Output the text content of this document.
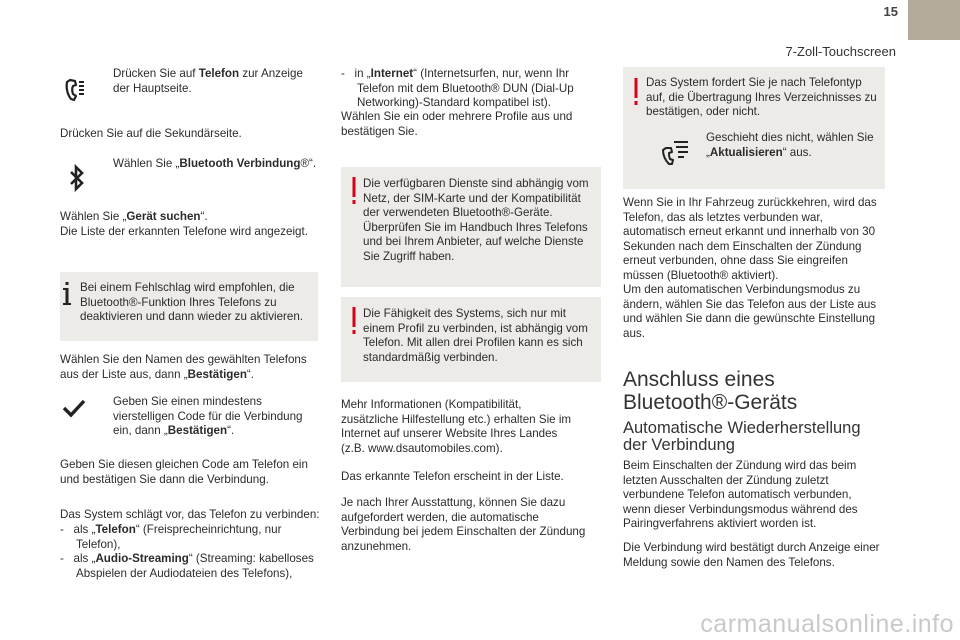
15
7-Zoll-Touchscreen
Drücken Sie auf Telefon zur Anzeige der Hauptseite.
Drücken Sie auf die Sekundärseite.
Wählen Sie „Bluetooth Verbindung®“.
Wählen Sie „Gerät suchen“.
Die Liste der erkannten Telefone wird angezeigt.
Bei einem Fehlschlag wird empfohlen, die Bluetooth®-Funktion Ihres Telefons zu deaktivieren und dann wieder zu aktivieren.
Wählen Sie den Namen des gewählten Telefons aus der Liste aus, dann „Bestätigen“.
Geben Sie einen mindestens vierstelligen Code für die Verbindung ein, dann „Bestätigen“.
Geben Sie diesen gleichen Code am Telefon ein und bestätigen Sie dann die Verbindung.
Das System schlägt vor, das Telefon zu verbinden:
-   als „Telefon“ (Freisprecheinrichtung, nur Telefon),
-   als „Audio-Streaming“ (Streaming: kabelloses Abspielen der Audiodateien des Telefons),
-   in „Internet“ (Internetsurfen, nur, wenn Ihr Telefon mit dem Bluetooth® DUN (Dial-Up Networking)-Standard kompatibel ist).
Wählen Sie ein oder mehrere Profile aus und bestätigen Sie.
Die verfügbaren Dienste sind abhängig vom Netz, der SIM-Karte und der Kompatibilität der verwendeten Bluetooth®-Geräte. Überprüfen Sie im Handbuch Ihres Telefons und bei Ihrem Anbieter, auf welche Dienste Sie Zugriff haben.
Die Fähigkeit des Systems, sich nur mit einem Profil zu verbinden, ist abhängig vom Telefon. Mit allen drei Profilen kann es sich standardmäßig verbinden.
Mehr Informationen (Kompatibilität, zusätzliche Hilfestellung etc.) erhalten Sie im Internet auf unserer Website Ihres Landes (z.B. www.dsautomobiles.com).
Das erkannte Telefon erscheint in der Liste.
Je nach Ihrer Ausstattung, können Sie dazu aufgefordert werden, die automatische Verbindung bei jedem Einschalten der Zündung anzunehmen.
Das System fordert Sie je nach Telefontyp auf, die Übertragung Ihres Verzeichnisses zu bestätigen, oder nicht.
Geschieht dies nicht, wählen Sie „Aktualisieren“ aus.
Wenn Sie in Ihr Fahrzeug zurückkehren, wird das Telefon, das als letztes verbunden war, automatisch erneut erkannt und innerhalb von 30 Sekunden nach dem Einschalten der Zündung erneut verbunden, ohne dass Sie eingreifen müssen (Bluetooth® aktiviert).
Um den automatischen Verbindungsmodus zu ändern, wählen Sie das Telefon aus der Liste aus und wählen Sie dann die gewünschte Einstellung aus.
Anschluss eines Bluetooth®-Geräts
Automatische Wiederherstellung der Verbindung
Beim Einschalten der Zündung wird das beim letzten Ausschalten der Zündung zuletzt verbundene Telefon automatisch verbunden, wenn dieser Verbindungsmodus während des Pairingverfahrens aktiviert worden ist.
Die Verbindung wird bestätigt durch Anzeige einer Meldung sowie den Namen des Telefons.
carmanualsonline.info
